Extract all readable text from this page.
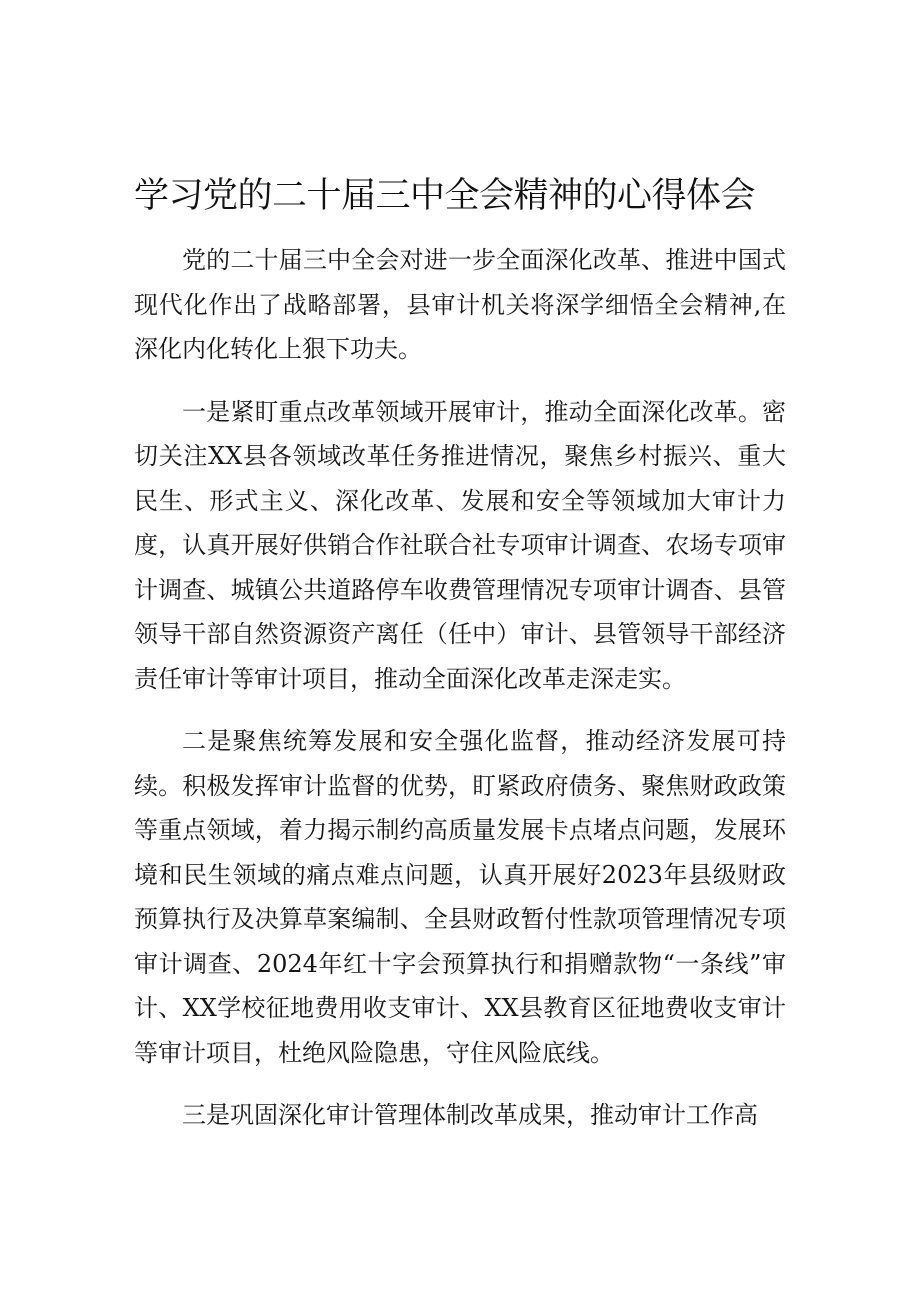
学习党的二十届三中全会精神的心得体会

党的二十届三中全会对进一步全面深化改革、推进中国式现代化作出了战略部署，县审计机关将深学细悟全会精神,在深化内化转化上狠下功夫。

一是紧盯重点改革领域开展审计，推动全面深化改革。密切关注XX县各领域改革任务推进情况，聚焦乡村振兴、重大民生、形式主义、深化改革、发展和安全等领域加大审计力度，认真开展好供销合作社联合社专项审计调查、农场专项审计调查、城镇公共道路停车收费管理情况专项审计调杳、县管领导干部自然资源资产离任（任中）审计、县管领导干部经济责任审计等审计项目，推动全面深化改革走深走实。

二是聚焦统筹发展和安全强化监督，推动经济发展可持续。积极发挥审计监督的优势，盯紧政府债务、聚焦财政政策等重点领域，着力揭示制约高质量发展卡点堵点问题，发展环境和民生领域的痛点难点问题，认真开展好2023年县级财政预算执行及决算草案编制、全县财政暂付性款项管理情况专项审计调查、2024年红十字会预算执行和捐赠款物“一条线”审计、XX学校征地费用收支审计、XX县教育区征地费收支审计等审计项目，杜绝风险隐患，守住风险底线。

三是巩固深化审计管理体制改革成果，推动审计工作高
